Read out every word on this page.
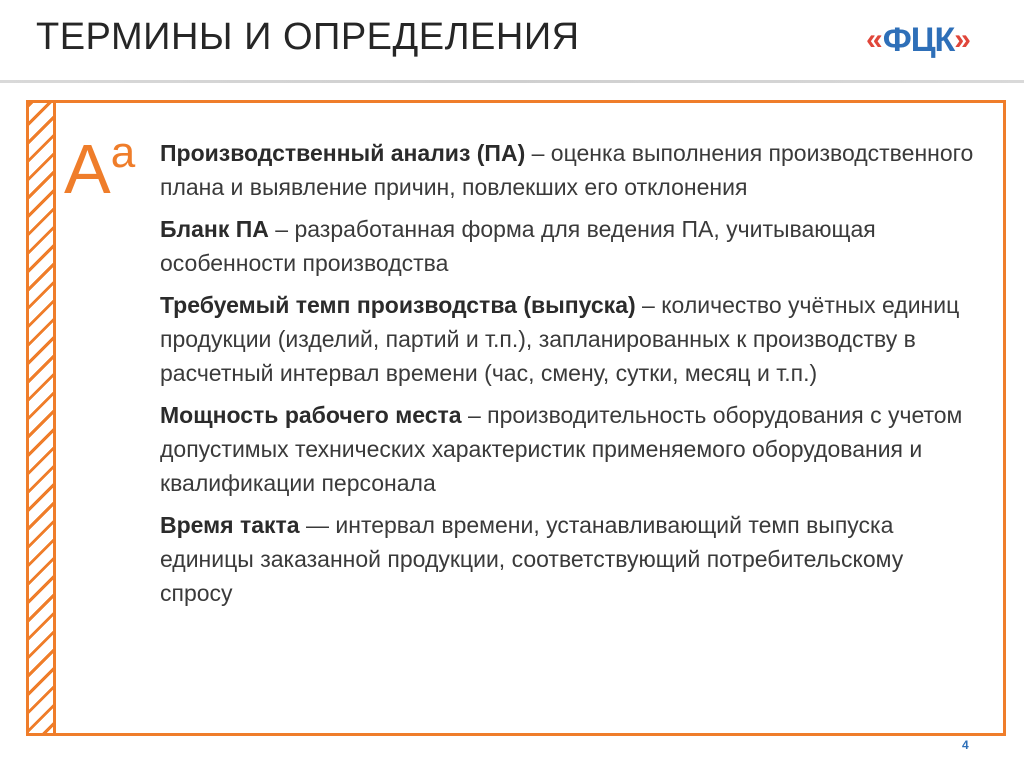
ТЕРМИНЫ И ОПРЕДЕЛЕНИЯ	« ФЦК »
$А^а$ Производственный анализ (ПА) – оценка выполнения производственного плана и выявление причин, повлекших его отклонения

Бланк ПА – разработанная форма для ведения ПА, учитывающая особенности производства

Требуемый темп производства (выпуска) – количество учётных единиц продукции (изделий, партий и т.п.), запланированных к производству в расчетный интервал времени (час, смену, сутки, месяц и т.п.)

Мощность рабочего места – производительность оборудования с учетом допустимых технических характеристик применяемого оборудования и квалификации персонала

Время такта — интервал времени, устанавливающий темп выпуска единицы заказанной продукции, соответствующий потребительскому спросу

4
